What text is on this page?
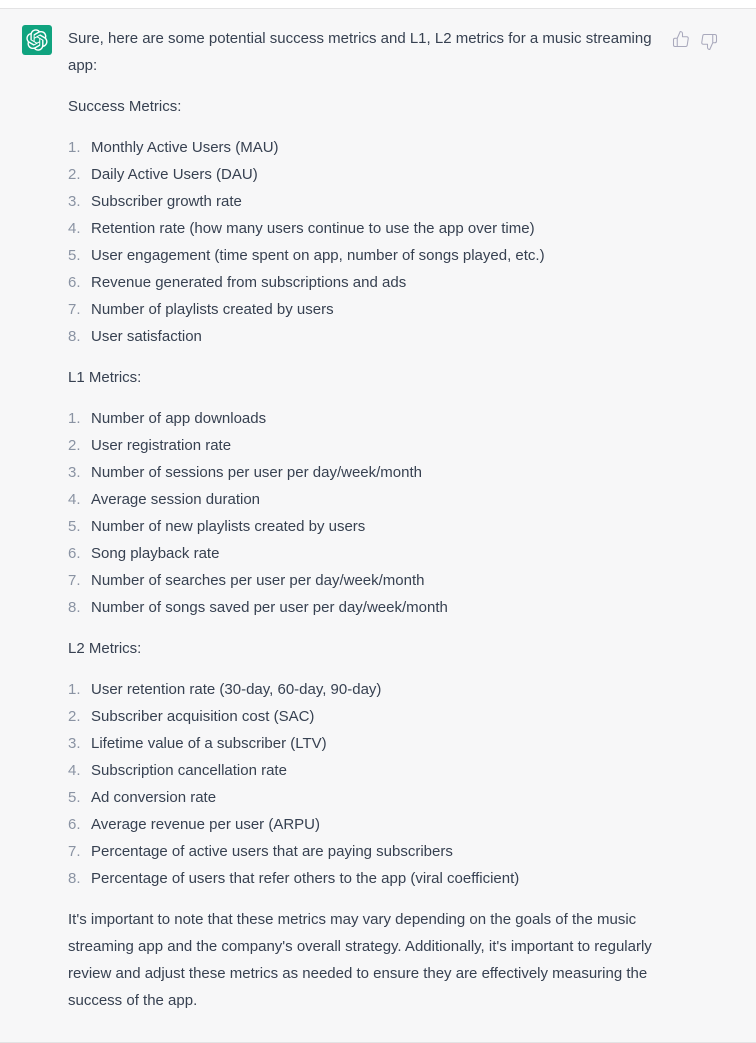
Sure, here are some potential success metrics and L1, L2 metrics for a music streaming app:

Success Metrics:

1. Monthly Active Users (MAU)
2. Daily Active Users (DAU)
3. Subscriber growth rate
4. Retention rate (how many users continue to use the app over time)
5. User engagement (time spent on app, number of songs played, etc.)
6. Revenue generated from subscriptions and ads
7. Number of playlists created by users
8. User satisfaction

L1 Metrics:

1. Number of app downloads
2. User registration rate
3. Number of sessions per user per day/week/month
4. Average session duration
5. Number of new playlists created by users
6. Song playback rate
7. Number of searches per user per day/week/month
8. Number of songs saved per user per day/week/month

L2 Metrics:

1. User retention rate (30-day, 60-day, 90-day)
2. Subscriber acquisition cost (SAC)
3. Lifetime value of a subscriber (LTV)
4. Subscription cancellation rate
5. Ad conversion rate
6. Average revenue per user (ARPU)
7. Percentage of active users that are paying subscribers
8. Percentage of users that refer others to the app (viral coefficient)

It's important to note that these metrics may vary depending on the goals of the music streaming app and the company's overall strategy. Additionally, it's important to regularly review and adjust these metrics as needed to ensure they are effectively measuring the success of the app.
